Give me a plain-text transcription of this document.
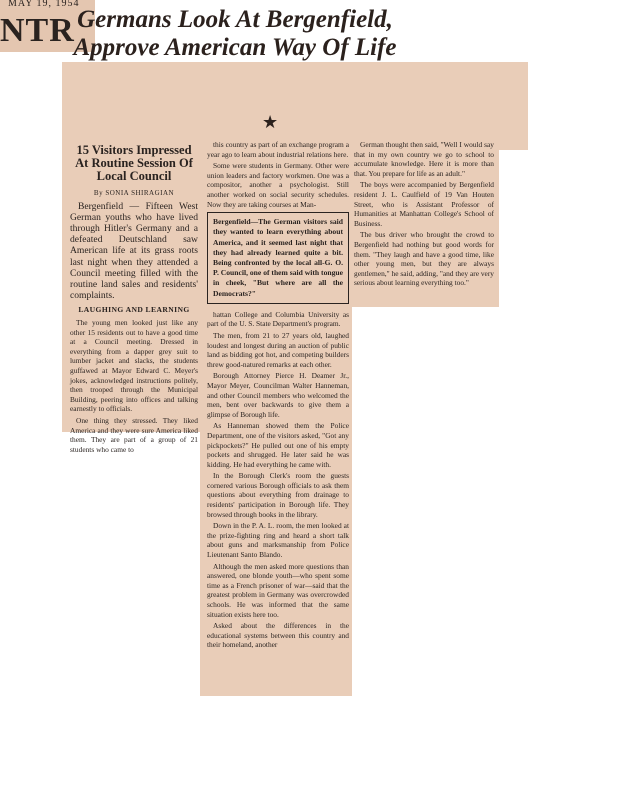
MAY 19, 1954
NTR Germans Look At Bergenfield,
Approve American Way Of Life
★
15 Visitors Impressed At Routine Session Of Local Council
By SONIA SHIRAGIAN

Bergenfield — Fifteen West German youths who have lived through Hitler's Germany and a defeated Deutschland saw American life at its grass roots last night when they attended a Council meeting filled with the routine land sales and residents' complaints.

LAUGHING AND LEARNING

The young men looked just like any other 15 residents out to have a good time at a Council meeting. Dressed in everything from a dapper grey suit to lumber jacket and slacks, the students guffawed at Mayor Edward C. Meyer's jokes, acknowledged instructions politely, then trooped through the Municipal Building, peering into offices and talking earnestly to officials.

One thing they stressed. They liked America and they were sure America liked them. They are part of a group of 21 students who came to

this country as part of an exchange program a year ago to learn about industrial relations here.

Some were students in Germany. Other were union leaders and factory workmen. One was a compositor, another a psychologist. Still another worked on social security schedules. Now they are taking courses at Man-

Bergenfield—The German visitors said they wanted to learn everything about America, and it seemed last night that they had already learned quite a bit. Being confronted by the local all-G. O. P. Council, one of them said with tongue in cheek, "But where are all the Democrats?"

hattan College and Columbia University as part of the U. S. State Department's program.

The men, from 21 to 27 years old, laughed loudest and longest during an auction of public land as bidding got hot, and competing builders threw good-natured remarks at each other.

Borough Attorney Pierce H. Deamer Jr., Mayor Meyer, Councilman Walter Hanneman, and other Council members who welcomed the men, bent over backwards to give them a glimpse of Borough life.

As Hanneman showed them the Police Department, one of the visitors asked, "Got any pickpockets?" He pulled out one of his empty pockets and shrugged. He later said he was kidding. He had everything he came with.

In the Borough Clerk's room the guests cornered various Borough officials to ask them questions about everything from drainage to residents' participation in Borough life. They browsed through books in the library.

Down in the P. A. L. room, the men looked at the prize-fighting ring and heard a short talk about guns and marksmanship from Police Lieutenant Santo Blando.

Although the men asked more questions than answered, one blonde youth—who spent some time as a French prisoner of war—said that the greatest problem in Germany was overcrowded schools. He was informed that the same situation exists here too.

Asked about the differences in the educational systems between this country and their homeland, another

German thought then said, "Well I would say that in my own country we go to school to accumulate knowledge. Here it is more than that. You prepare for life as an adult."

The boys were accompanied by Bergenfield resident J. L. Caulfield of 19 Van Houten Street, who is Assistant Professor of Humanities at Manhattan College's School of Business.

The bus driver who brought the crowd to Bergenfield had nothing but good words for them. "They laugh and have a good time, like other young men, but they are always gentlemen," he said, adding, "and they are very serious about learning everything too."
